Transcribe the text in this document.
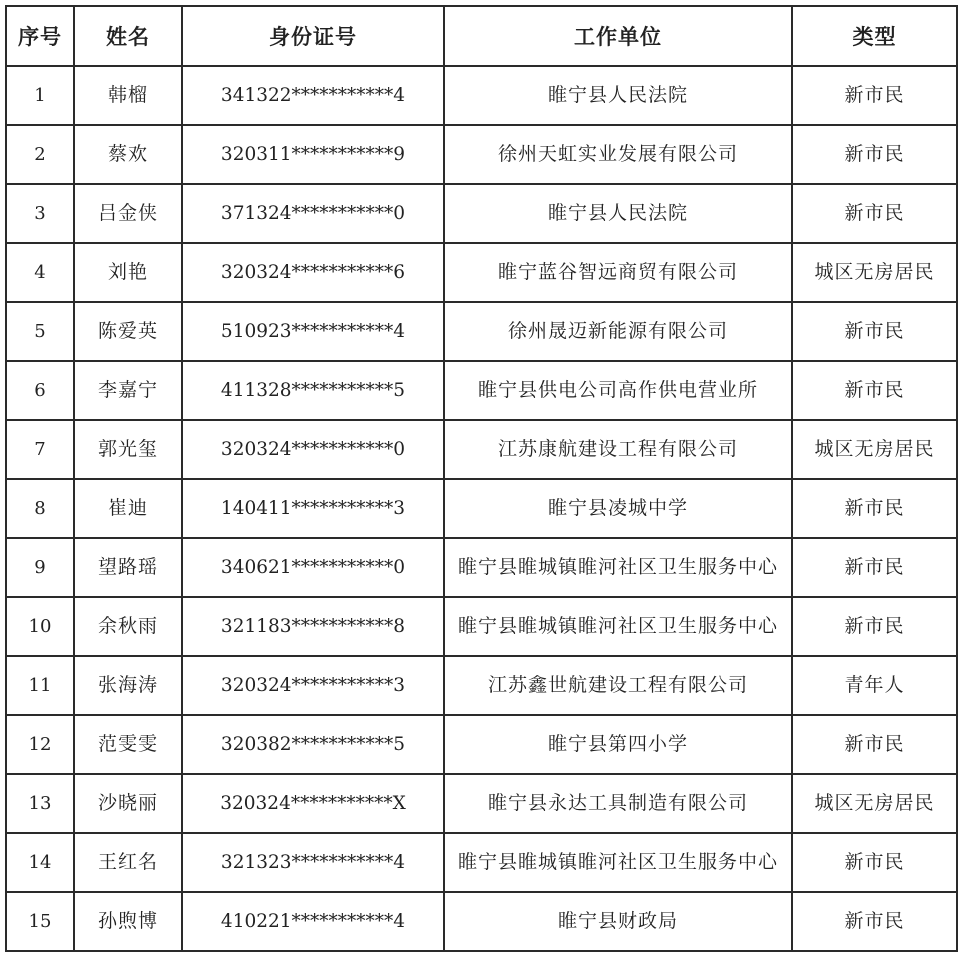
序号	姓名	身份证号	工作单位	类型
1	韩榴	341322***********4	睢宁县人民法院	新市民
2	蔡欢	320311***********9	徐州天虹实业发展有限公司	新市民
3	吕金侠	371324***********0	睢宁县人民法院	新市民
4	刘艳	320324***********6	睢宁蓝谷智远商贸有限公司	城区无房居民
5	陈爱英	510923***********4	徐州晟迈新能源有限公司	新市民
6	李嘉宁	411328***********5	睢宁县供电公司高作供电营业所	新市民
7	郭光玺	320324***********0	江苏康航建设工程有限公司	城区无房居民
8	崔迪	140411***********3	睢宁县凌城中学	新市民
9	望路瑶	340621***********0	睢宁县睢城镇睢河社区卫生服务中心	新市民
10	余秋雨	321183***********8	睢宁县睢城镇睢河社区卫生服务中心	新市民
11	张海涛	320324***********3	江苏鑫世航建设工程有限公司	青年人
12	范雯雯	320382***********5	睢宁县第四小学	新市民
13	沙晓丽	320324***********X	睢宁县永达工具制造有限公司	城区无房居民
14	王红名	321323***********4	睢宁县睢城镇睢河社区卫生服务中心	新市民
15	孙煦博	410221***********4	睢宁县财政局	新市民
